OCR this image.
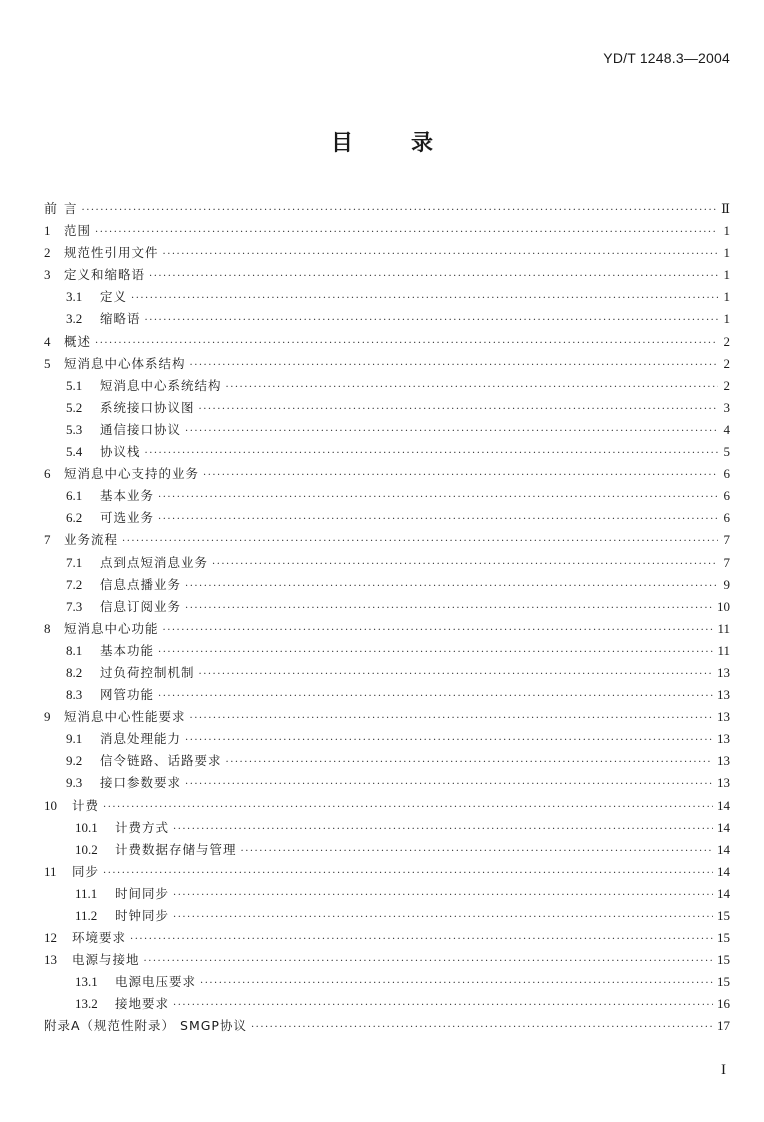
YD/T 1248.3—2004
目录
前 言 ·····	Ⅱ
1	范围 ·····	1
2	规范性引用文件 ·····	1
3	定义和缩略语 ·····	1
3.1	定义 ·····	1
3.2	缩略语 ·····	1
4	概述 ·····	2
5	短消息中心体系结构 ·····	2
5.1	短消息中心系统结构 ·····	2
5.2	系统接口协议图 ·····	3
5.3	通信接口协议 ·····	4
5.4	协议栈 ·····	5
6	短消息中心支持的业务 ·····	6
6.1	基本业务 ·····	6
6.2	可选业务 ·····	6
7	业务流程 ·····	7
7.1	点到点短消息业务 ·····	7
7.2	信息点播业务 ·····	9
7.3	信息订阅业务 ·····	10
8	短消息中心功能 ·····	11
8.1	基本功能 ·····	11
8.2	过负荷控制机制 ·····	13
8.3	网管功能 ·····	13
9	短消息中心性能要求 ·····	13
9.1	消息处理能力 ·····	13
9.2	信令链路、话路要求 ·····	13
9.3	接口参数要求 ·····	13
10	计费 ·····	14
10.1	计费方式 ·····	14
10.2	计费数据存储与管理 ·····	14
11	同步 ·····	14
11.1	时间同步 ·····	14
11.2	时钟同步 ·····	15
12	环境要求 ·····	15
13	电源与接地 ·····	15
13.1	电源电压要求 ·····	15
13.2	接地要求 ·····	16
附录A（规范性附录） SMGP协议 ·····	17
I
